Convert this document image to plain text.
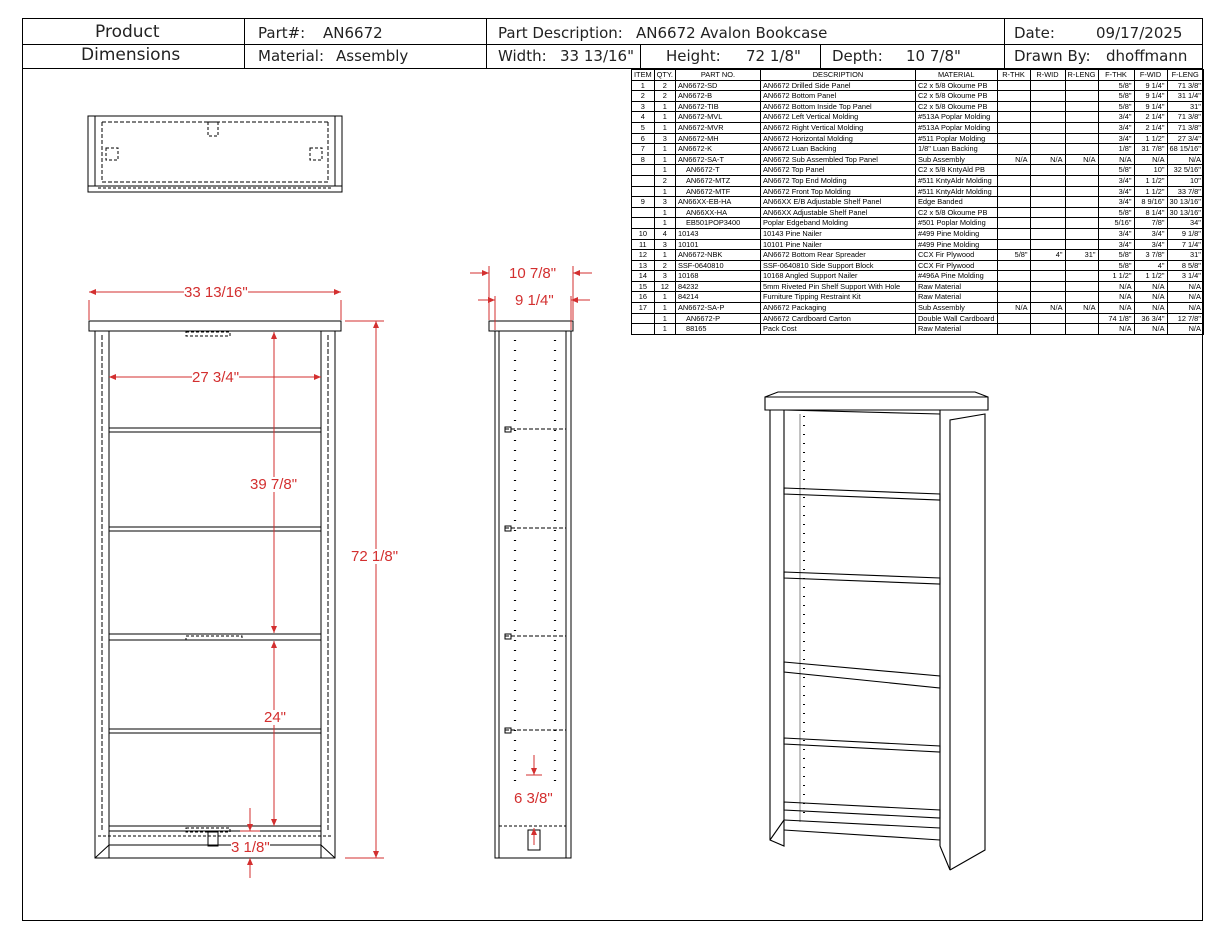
Product
Dimensions
Part#: AN6672
Material: Assembly
Part Description: AN6672 Avalon Bookcase
Width: 33 13/16" Height: 72 1/8" Depth: 10 7/8"
Date:	09/17/2025
Drawn By: dhoffmann
ITEM	QTY.	PART NO.	DESCRIPTION	MATERIAL	R-THK	R-WID	R-LENG	F-THK	F-WID	F-LENG
1	2	AN6672-SD	AN6672 Drilled Side Panel	C2 x 5/8 Okoume PB				5/8"	9 1/4"	71 3/8"
2	2	AN6672-B	AN6672 Bottom Panel	C2 x 5/8 Okoume PB				5/8"	9 1/4"	31 1/4"
3	1	AN6672-TIB	AN6672 Bottom Inside Top Panel	C2 x 5/8 Okoume PB				5/8"	9 1/4"	31"
4	1	AN6672-MVL	AN6672 Left Vertical Molding	#513A Poplar Molding				3/4"	2 1/4"	71 3/8"
5	1	AN6672-MVR	AN6672 Right Vertical Molding	#513A Poplar Molding				3/4"	2 1/4"	71 3/8"
6	3	AN6672-MH	AN6672 Horizontal Molding	#511 Poplar Molding				3/4"	1 1/2"	27 3/4"
7	1	AN6672-K	AN6672 Luan Backing	1/8" Luan Backing				1/8"	31 7/8"	68 15/16"
8	1	AN6672-SA-T	AN6672 Sub Assembled Top Panel	Sub Assembly	N/A	N/A	N/A	N/A	N/A	N/A
	1	AN6672-T	AN6672 Top Panel	C2 x 5/8 KntyAld PB				5/8"	10"	32 5/16"
	2	AN6672-MTZ	AN6672 Top End Molding	#511 KntyAldr Molding				3/4"	1 1/2"	10"
	1	AN6672-MTF	AN6672 Front Top Molding	#511 KntyAldr Molding				3/4"	1 1/2"	33 7/8"
9	3	AN66XX-EB-HA	AN66XX E/B Adjustable Shelf Panel	Edge Banded				3/4"	8 9/16"	30 13/16"
	1	AN66XX-HA	AN66XX Adjustable Shelf Panel	C2 x 5/8 Okoume PB				5/8"	8 1/4"	30 13/16"
	1	EB501POP3400	Poplar Edgeband Molding	#501 Poplar Molding				5/16"	7/8"	34"
10	4	10143	10143 Pine Nailer	#499 Pine Molding				3/4"	3/4"	9 1/8"
11	3	10101	10101 Pine Nailer	#499 Pine Molding				3/4"	3/4"	7 1/4"
12	1	AN6672-NBK	AN6672 Bottom Rear Spreader	CCX Fir Plywood	5/8"	4"	31"	5/8"	3 7/8"	31"
13	2	SSF-0640810	SSF-0640810 Side Support Block	CCX Fir Plywood				5/8"	4"	8 5/8"
14	3	10168	10168 Angled Support Nailer	#496A Pine Molding				1 1/2"	1 1/2"	3 1/4"
15	12	84232	5mm Riveted Pin Shelf Support With Hole	Raw Material				N/A	N/A	N/A
16	1	84214	Furniture Tipping Restraint Kit	Raw Material				N/A	N/A	N/A
17	1	AN6672-SA-P	AN6672 Packaging	Sub Assembly	N/A	N/A	N/A	N/A	N/A	N/A
	1	AN6672-P	AN6672 Cardboard Carton	Double Wall Cardboard				74 1/8"	36 3/4"	12 7/8"
	1	88165	Pack Cost	Raw Material				N/A	N/A	N/A
33 13/16"
27 3/4"
39 7/8"
72 1/8"
24"
3 1/8"
10 7/8"
9 1/4"
6 3/8"
